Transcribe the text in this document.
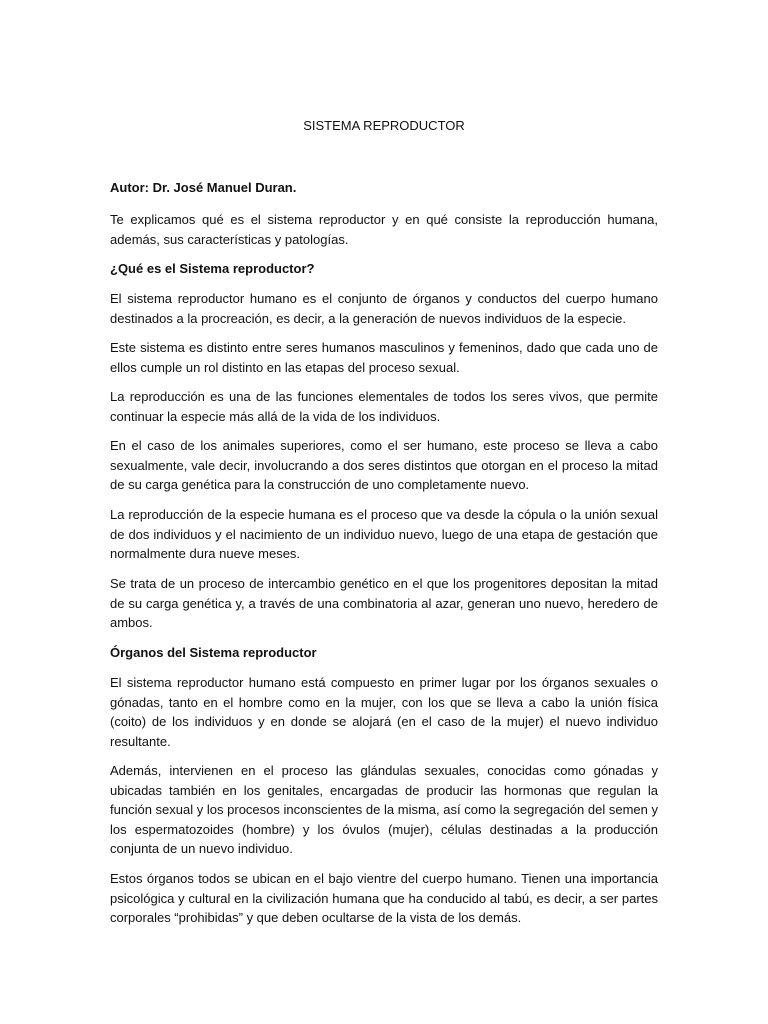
SISTEMA REPRODUCTOR

Autor: Dr. José Manuel Duran.

Te explicamos qué es el sistema reproductor y en qué consiste la reproducción humana, además, sus características y patologías.

¿Qué es el Sistema reproductor?

El sistema reproductor humano es el conjunto de órganos y conductos del cuerpo humano destinados a la procreación, es decir, a la generación de nuevos individuos de la especie.

Este sistema es distinto entre seres humanos masculinos y femeninos, dado que cada uno de ellos cumple un rol distinto en las etapas del proceso sexual.

La reproducción es una de las funciones elementales de todos los seres vivos, que permite continuar la especie más allá de la vida de los individuos.

En el caso de los animales superiores, como el ser humano, este proceso se lleva a cabo sexualmente, vale decir, involucrando a dos seres distintos que otorgan en el proceso la mitad de su carga genética para la construcción de uno completamente nuevo.

La reproducción de la especie humana es el proceso que va desde la cópula o la unión sexual de dos individuos y el nacimiento de un individuo nuevo, luego de una etapa de gestación que normalmente dura nueve meses.

Se trata de un proceso de intercambio genético en el que los progenitores depositan la mitad de su carga genética y, a través de una combinatoria al azar, generan uno nuevo, heredero de ambos.

Órganos del Sistema reproductor

El sistema reproductor humano está compuesto en primer lugar por los órganos sexuales o gónadas, tanto en el hombre como en la mujer, con los que se lleva a cabo la unión física (coito) de los individuos y en donde se alojará (en el caso de la mujer) el nuevo individuo resultante.

Además, intervienen en el proceso las glándulas sexuales, conocidas como gónadas y ubicadas también en los genitales, encargadas de producir las hormonas que regulan la función sexual y los procesos inconscientes de la misma, así como la segregación del semen y los espermatozoides (hombre) y los óvulos (mujer), células destinadas a la producción conjunta de un nuevo individuo.

Estos órganos todos se ubican en el bajo vientre del cuerpo humano. Tienen una importancia psicológica y cultural en la civilización humana que ha conducido al tabú, es decir, a ser partes corporales “prohibidas” y que deben ocultarse de la vista de los demás.
